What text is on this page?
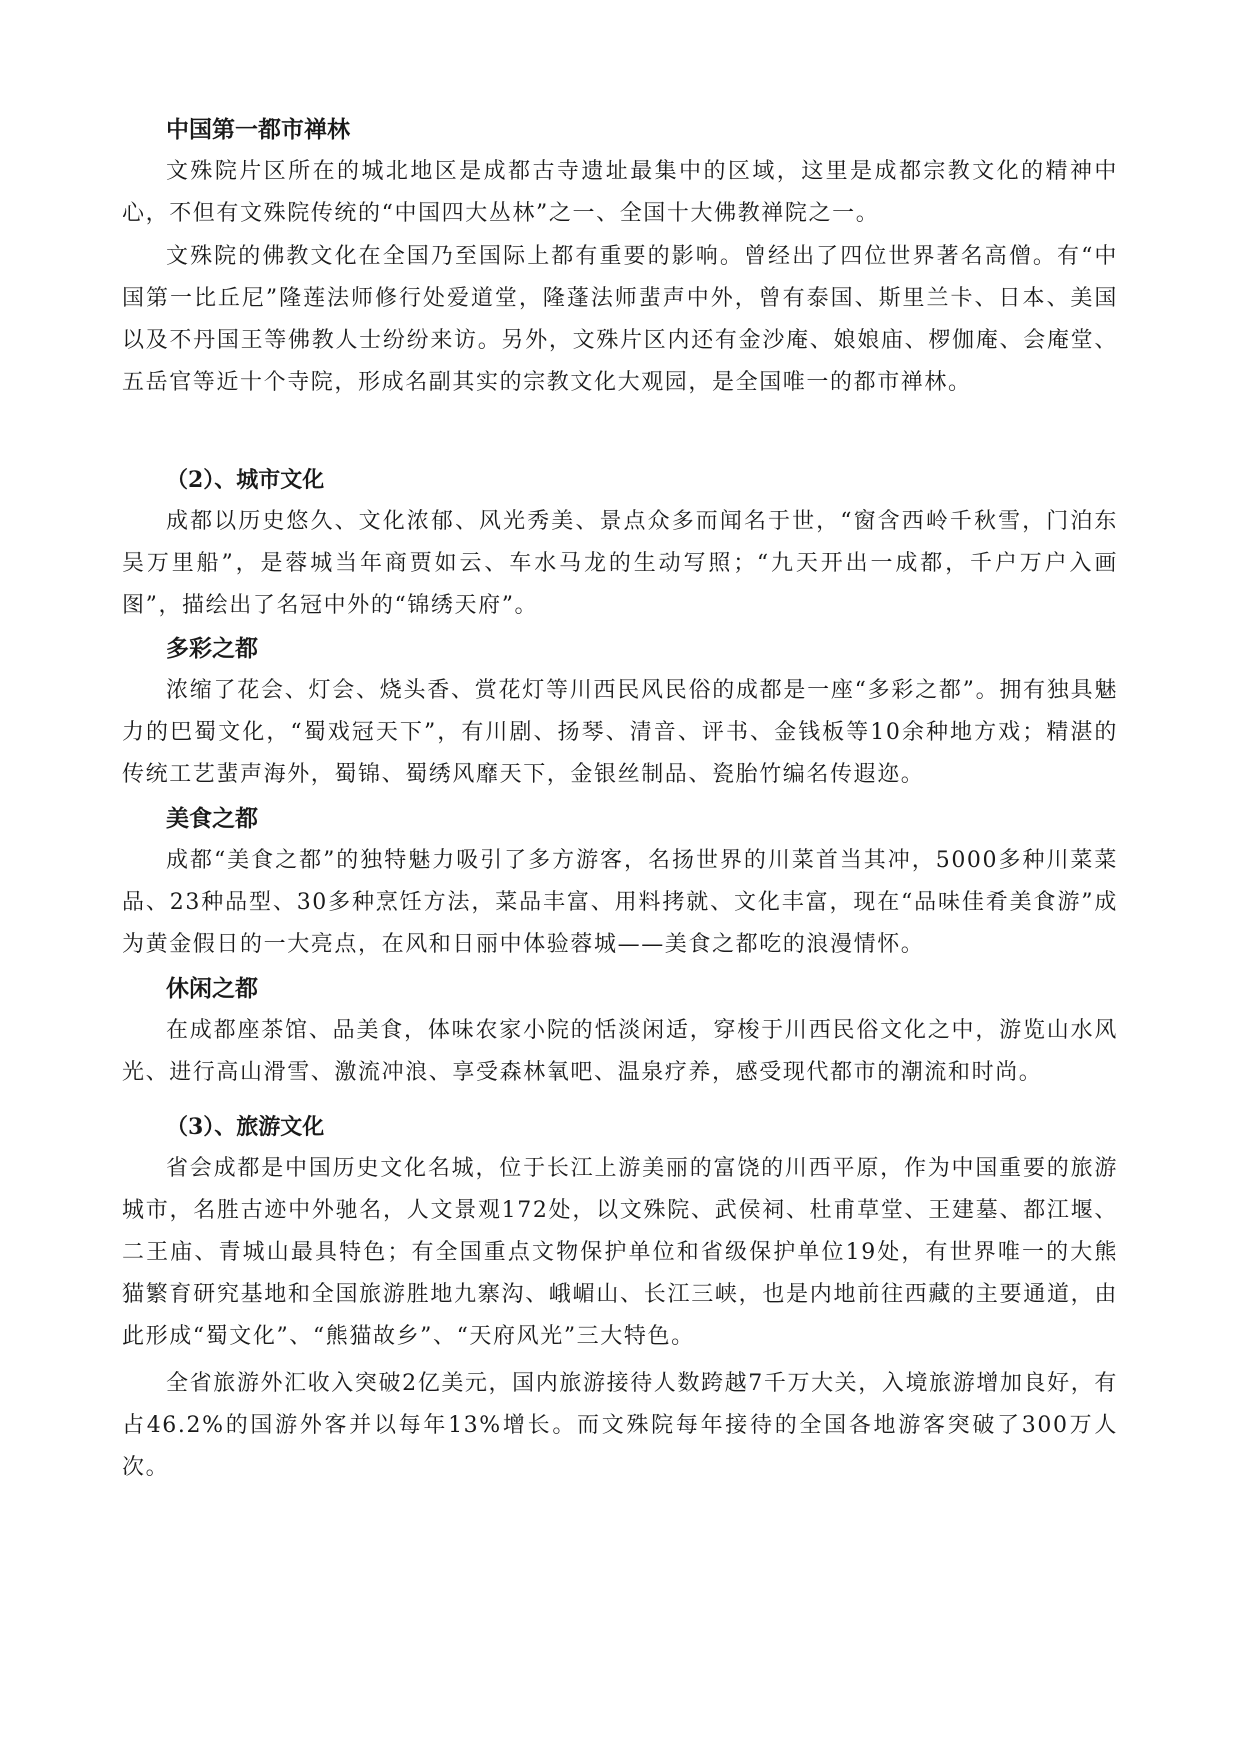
中国第一都市禅林

文殊院片区所在的城北地区是成都古寺遗址最集中的区域，这里是成都宗教文化的精神中心，不但有文殊院传统的“中国四大丛林”之一、全国十大佛教禅院之一。

文殊院的佛教文化在全国乃至国际上都有重要的影响。曾经出了四位世界著名高僧。有“中国第一比丘尼”隆莲法师修行处爱道堂，隆蓬法师蜚声中外，曾有泰国、斯里兰卡、日本、美国以及不丹国王等佛教人士纷纷来访。另外，文殊片区内还有金沙庵、娘娘庙、椤伽庵、会庵堂、五岳官等近十个寺院，形成名副其实的宗教文化大观园，是全国唯一的都市禅林。

（2）、城市文化

成都以历史悠久、文化浓郁、风光秀美、景点众多而闻名于世，“窗含西岭千秋雪，门泊东吴万里船”，是蓉城当年商贾如云、车水马龙的生动写照；“九天开出一成都，千户万户入画图”，描绘出了名冠中外的“锦绣天府”。

多彩之都

浓缩了花会、灯会、烧头香、赏花灯等川西民风民俗的成都是一座“多彩之都”。拥有独具魅力的巴蜀文化，“蜀戏冠天下”，有川剧、扬琴、清音、评书、金钱板等10余种地方戏；精湛的传统工艺蜚声海外，蜀锦、蜀绣风靡天下，金银丝制品、瓷胎竹编名传遐迩。

美食之都

成都“美食之都”的独特魅力吸引了多方游客，名扬世界的川菜首当其冲，5000多种川菜菜品、23种品型、30多种烹饪方法，菜品丰富、用料拷就、文化丰富，现在“品味佳肴美食游”成为黄金假日的一大亮点，在风和日丽中体验蓉城——美食之都吃的浪漫情怀。

休闲之都

在成都座茶馆、品美食，体味农家小院的恬淡闲适，穿梭于川西民俗文化之中，游览山水风光、进行高山滑雪、激流冲浪、享受森林氧吧、温泉疗养，感受现代都市的潮流和时尚。

（3）、旅游文化

省会成都是中国历史文化名城，位于长江上游美丽的富饶的川西平原，作为中国重要的旅游城市，名胜古迹中外驰名，人文景观172处，以文殊院、武侯祠、杜甫草堂、王建墓、都江堰、二王庙、青城山最具特色；有全国重点文物保护单位和省级保护单位19处，有世界唯一的大熊猫繁育研究基地和全国旅游胜地九寨沟、峨嵋山、长江三峡，也是内地前往西藏的主要通道，由此形成“蜀文化”、“熊猫故乡”、“天府风光”三大特色。

全省旅游外汇收入突破2亿美元，国内旅游接待人数跨越7千万大关，入境旅游增加良好，有占46.2%的国游外客并以每年13%增长。而文殊院每年接待的全国各地游客突破了300万人次。
